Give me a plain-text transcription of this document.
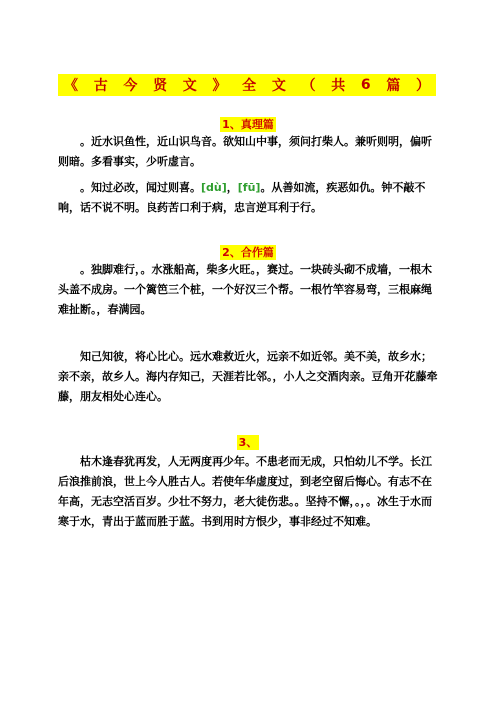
《 古 今 贤 文 》 全 文 （ 共 6 篇 ）
1、真理篇

。近水识鱼性，近山识鸟音。欲知山中事，须问打柴人。兼听则明，偏听则暗。多看事实，少听虚言。

。知过必改，闻过则喜。[dù]，[fū]。从善如流，疾恶如仇。钟不敲不响，话不说不明。良药苦口利于病，忠言逆耳利于行。

2、合作篇

。独脚难行，。水涨船高，柴多火旺。，赛过。一块砖头砌不成墙，一根木头盖不成房。一个篱笆三个桩，一个好汉三个帮。一根竹竿容易弯，三根麻绳难扯断。，春满园。

知己知彼，将心比心。远水难救近火，远亲不如近邻。美不美，故乡水；亲不亲，故乡人。海内存知己，天涯若比邻。，小人之交酒肉亲。豆角开花藤牵藤，朋友相处心连心。

3、

枯木逢春犹再发，人无两度再少年。不患老而无成，只怕幼儿不学。长江后浪推前浪，世上今人胜古人。若使年华虚度过，到老空留后悔心。有志不在年高，无志空活百岁。少壮不努力，老大徒伤悲。。坚持不懈，。，。冰生于水而寒于水，青出于蓝而胜于蓝。书到用时方恨少，事非经过不知难。
